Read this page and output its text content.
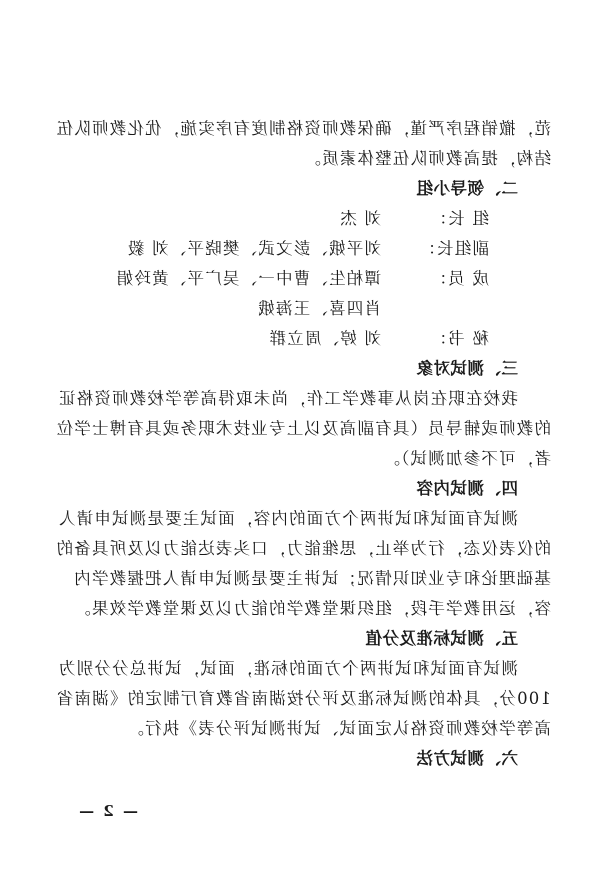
范，撤销程序严谨，确保教师资格制度有序实施，优化教师队伍
结构，提高教师队伍整体素质。
二、领导小组
组 长：
刘 杰
副组长：
刘平娥、彭文武、樊晓平、刘 毅
成 员：
谭柏生、曹中一、吴广平、黄玲娟
肖四喜、王海娥
秘 书：
刘 婷、周立群
三、测试对象
我校在职在岗从事教学工作，尚未取得高等学校教师资格证
的教师或辅导员（具有副高及以上专业技术职务或具有博士学位
者，可不参加测试）。
四、测试内容
测试有面试和试讲两个方面的内容，面试主要是测试申请人
的仪表仪态，行为举止，思维能力，口头表达能力以及所具备的
基础理论和专业知识情况；试讲主要是测试申请人把握教学内
容，运用教学手段，组织课堂教学的能力以及课堂教学效果。
五、测试标准及分值
测试有面试和试讲两个方面的标准，面试，试讲总分分别为
100分，具体的测试标准及评分按湖南省教育厅制定的《湖南省
高等学校教师资格认定面试、试讲测试评分表》执行。
六、测试方法
— 2 —
